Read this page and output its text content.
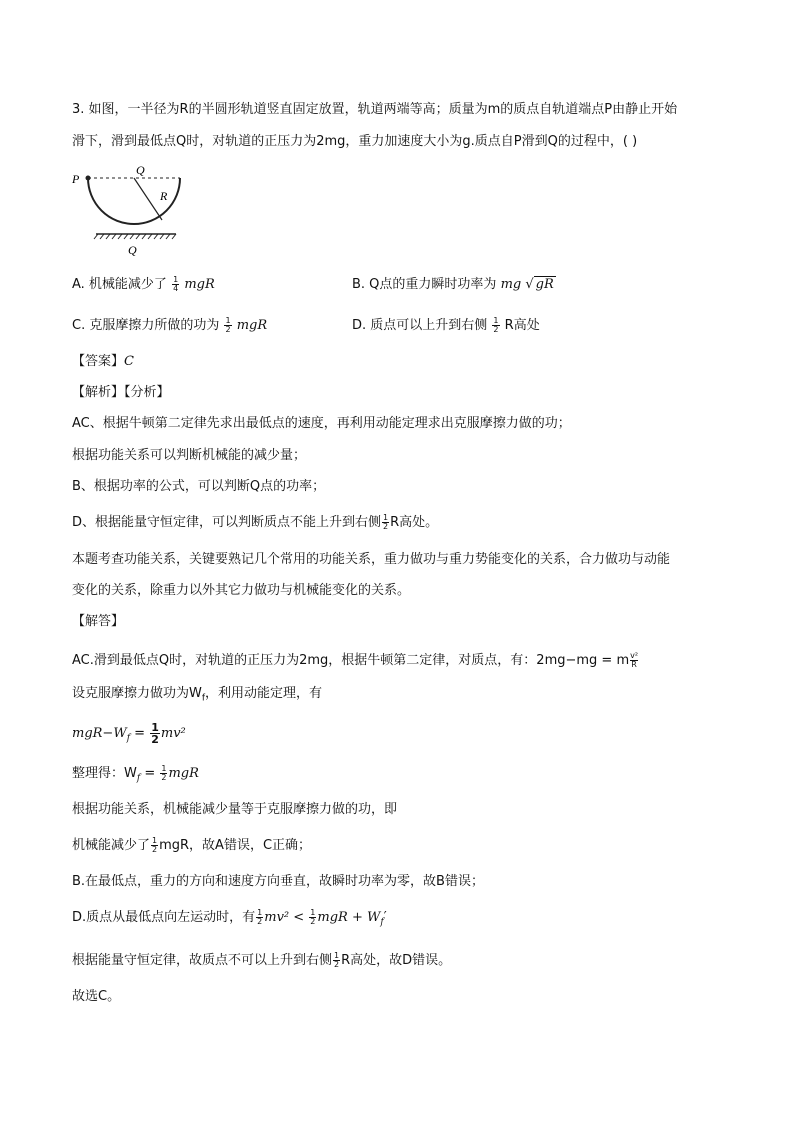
3. 如图，一半径为R的半圆形轨道竖直固定放置，轨道两端等高；质量为m的质点自轨道端点P由静止开始
滑下，滑到最低点Q时，对轨道的正压力为2mg，重力加速度大小为g.质点自P滑到Q的过程中，( )
P
Q
R
Q
A. 机械能减少了 $\frac{1}{4}$ mgR	B. Q点的重力瞬时功率为 mg √ gR
C. 克服摩擦力所做的功为 $\frac{1}{2}$ mgR	D. 质点可以上升到右侧 $\frac{1}{2}$ R高处
【答案】C
【解析】【分析】
AC、根据牛顿第二定律先求出最低点的速度，再利用动能定理求出克服摩擦力做的功；
根据功能关系可以判断机械能的减少量；
B、根据功率的公式，可以判断Q点的功率；
D、根据能量守恒定律，可以判断质点不能上升到右侧 $\frac{1}{2}$ R高处。
本题考查功能关系，关键要熟记几个常用的功能关系，重力做功与重力势能变化的关系，合力做功与动能
变化的关系，除重力以外其它力做功与机械能变化的关系。
【解答】
AC.滑到最低点Q时，对轨道的正压力为2mg，根据牛顿第二定律，对质点，有：2mg−mg = m $\frac{\text{v²}}{R}$
设克服摩擦力做功为$W_f$，利用动能定理，有
$mgR-W_f = \frac{1}{2} mv^2$
整理得：$W_f = \frac{1}{2}$ mgR
根据功能关系，机械能减少量等于克服摩擦力做的功，即
机械能减少了 $\frac{1}{2}$ mgR，故A错误，C正确；
B.在最低点，重力的方向和速度方向垂直，故瞬时功率为零，故B错误；
D.质点从最低点向左运动时，有 $\frac{1}{2} mv^2 < \frac{1}{2}$ mgR + $W_f'$
根据能量守恒定律，故质点不可以上升到右侧 $\frac{1}{2}$ R高处，故D错误。
故选C。
